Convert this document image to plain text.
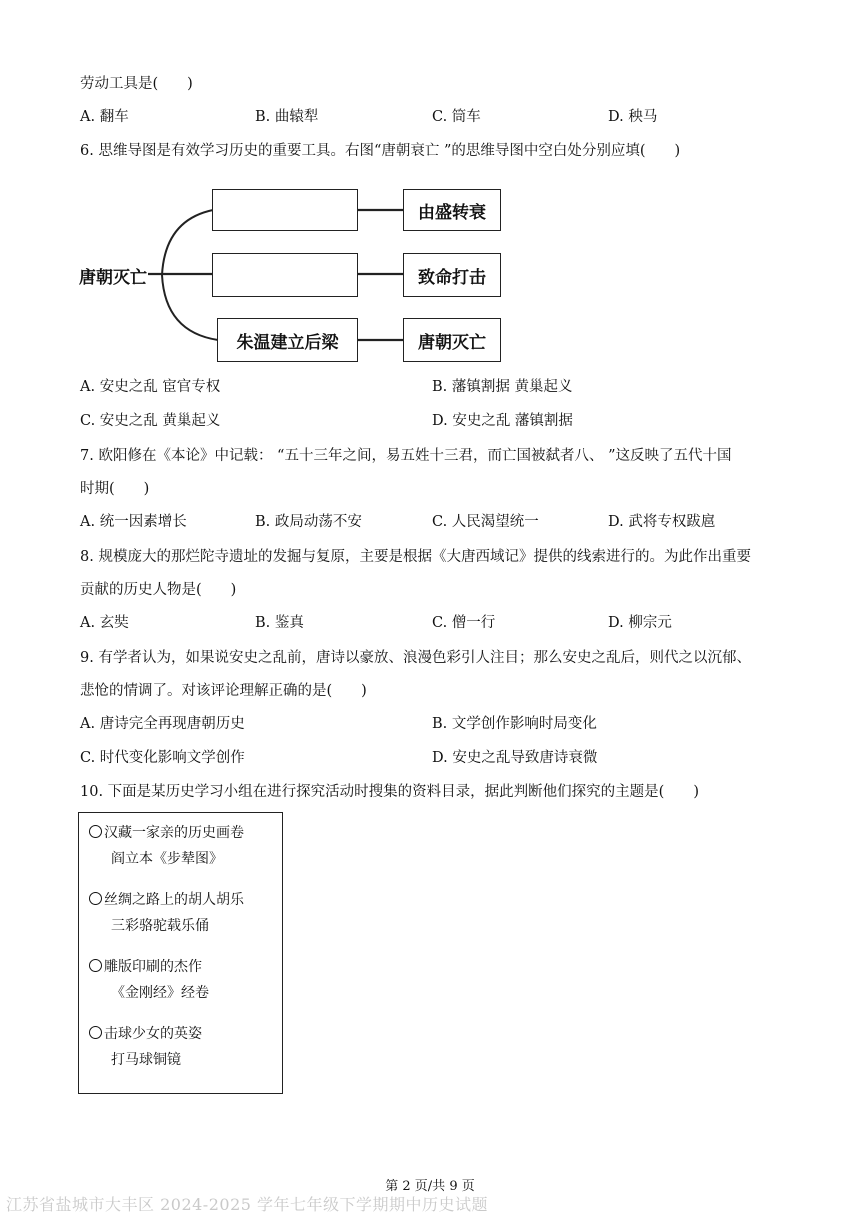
劳动工具是(　　)
A. 翻车	B. 曲辕犁	C. 筒车	D. 秧马
6. 思维导图是有效学习历史的重要工具。右图“唐朝衰亡 ”的思维导图中空白处分别应填(　　)
唐朝灭亡
由盛转衰
致命打击
朱温建立后梁	唐朝灭亡
A. 安史之乱 宦官专权	B. 藩镇割据 黄巢起义
C. 安史之乱 黄巢起义	D. 安史之乱 藩镇割据
7. 欧阳修在《本论》中记载： “五十三年之间，易五姓十三君，而亡国被弑者八、 ”这反映了五代十国
时期(　　)
A. 统一因素增长	B. 政局动荡不安	C. 人民渴望统一	D. 武将专权跋扈
8. 规模庞大的那烂陀寺遗址的发掘与复原，主要是根据《大唐西域记》提供的线索进行的。为此作出重要
贡献的历史人物是(　　)
A. 玄奘	B. 鉴真	C. 僧一行	D. 柳宗元
9. 有学者认为，如果说安史之乱前，唐诗以豪放、浪漫色彩引人注目；那么安史之乱后，则代之以沉郁、
悲怆的情调了。对该评论理解正确的是(　　)
A. 唐诗完全再现唐朝历史	B. 文学创作影响时局变化
C. 时代变化影响文学创作	D. 安史之乱导致唐诗衰微
10. 下面是某历史学习小组在进行探究活动时搜集的资料目录，据此判断他们探究的主题是(　　)
汉藏一家亲的历史画卷
阎立本《步辇图》
丝绸之路上的胡人胡乐
三彩骆驼载乐俑
雕版印刷的杰作
《金刚经》经卷
击球少女的英姿
打马球铜镜
第 2 页/共 9 页
江苏省盐城市大丰区 2024-2025 学年七年级下学期期中历史试题
